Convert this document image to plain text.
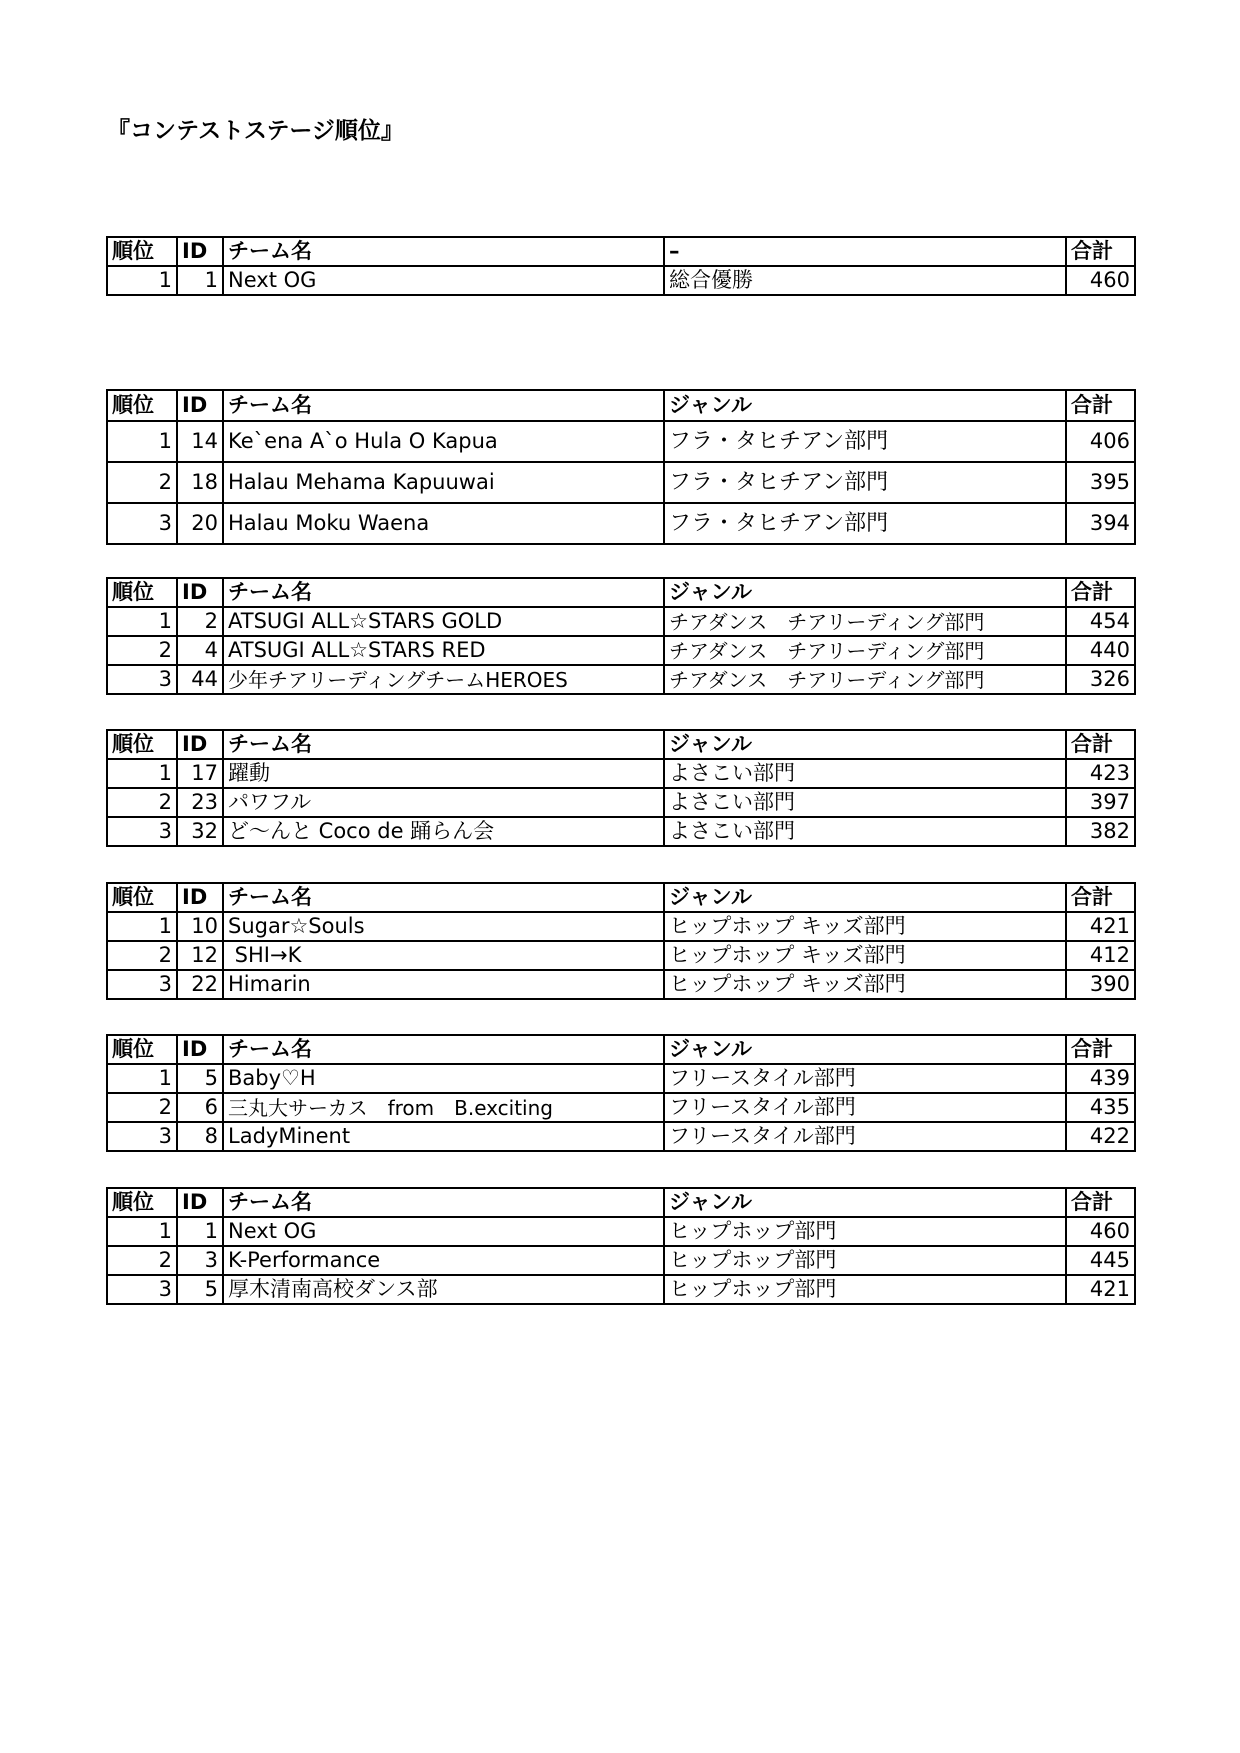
『コンテストステージ順位』
順位	ID	チーム名	–	合計
1	1	Next OG	総合優勝	460
順位	ID	チーム名	ジャンル	合計
1	14	Ke`ena A`o Hula O Kapua	フラ・タヒチアン部門	406
2	18	Halau Mehama Kapuuwai	フラ・タヒチアン部門	395
3	20	Halau Moku Waena	フラ・タヒチアン部門	394
順位	ID	チーム名	ジャンル	合計
1	2	ATSUGI ALL☆STARS GOLD	チアダンス　チアリーディング部門	454
2	4	ATSUGI ALL☆STARS RED	チアダンス　チアリーディング部門	440
3	44	少年チアリーディングチームHEROES	チアダンス　チアリーディング部門	326
順位	ID	チーム名	ジャンル	合計
1	17	躍動	よさこい部門	423
2	23	パワフル	よさこい部門	397
3	32	ど～んと Coco de 踊らん会	よさこい部門	382
順位	ID	チーム名	ジャンル	合計
1	10	Sugar☆Souls	ヒップホップ キッズ部門	421
2	12	SHI→K	ヒップホップ キッズ部門	412
3	22	Himarin	ヒップホップ キッズ部門	390
順位	ID	チーム名	ジャンル	合計
1	5	Baby♡H	フリースタイル部門	439
2	6	三丸大サーカス　from　B.exciting	フリースタイル部門	435
3	8	LadyMinent	フリースタイル部門	422
順位	ID	チーム名	ジャンル	合計
1	1	Next OG	ヒップホップ部門	460
2	3	K-Performance	ヒップホップ部門	445
3	5	厚木清南高校ダンス部	ヒップホップ部門	421
